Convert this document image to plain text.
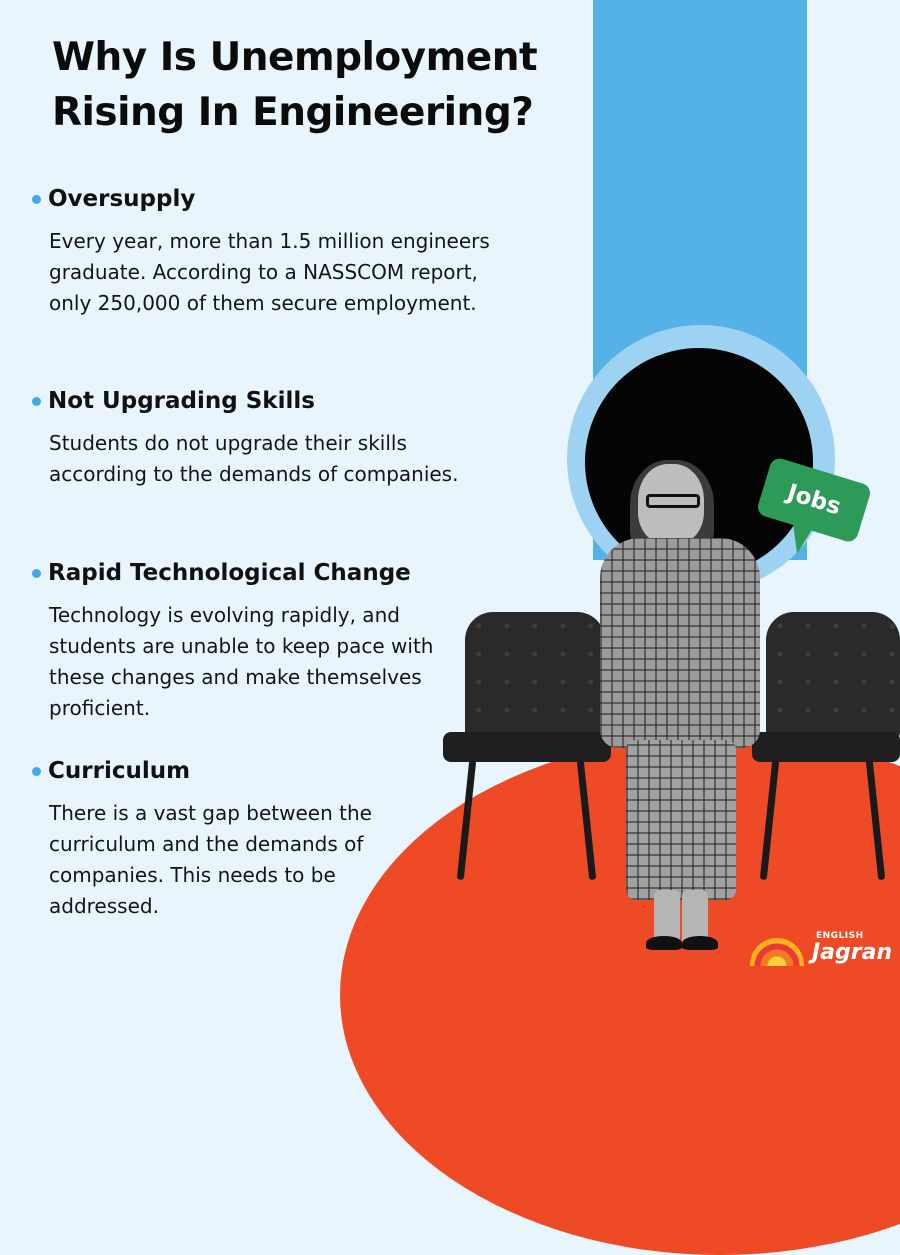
Why Is Unemployment Rising In Engineering?
Oversupply

Every year, more than 1.5 million engineers graduate. According to a NASSCOM report, only 250,000 of them secure employment.

Not Upgrading Skills

Students do not upgrade their skills according to the demands of companies.

Rapid Technological Change

Technology is evolving rapidly, and students are unable to keep pace with these changes and make themselves proficient.

Curriculum

There is a vast gap between the curriculum and the demands of companies. This needs to be addressed.

Jobs
ENGLISH
Jagran
